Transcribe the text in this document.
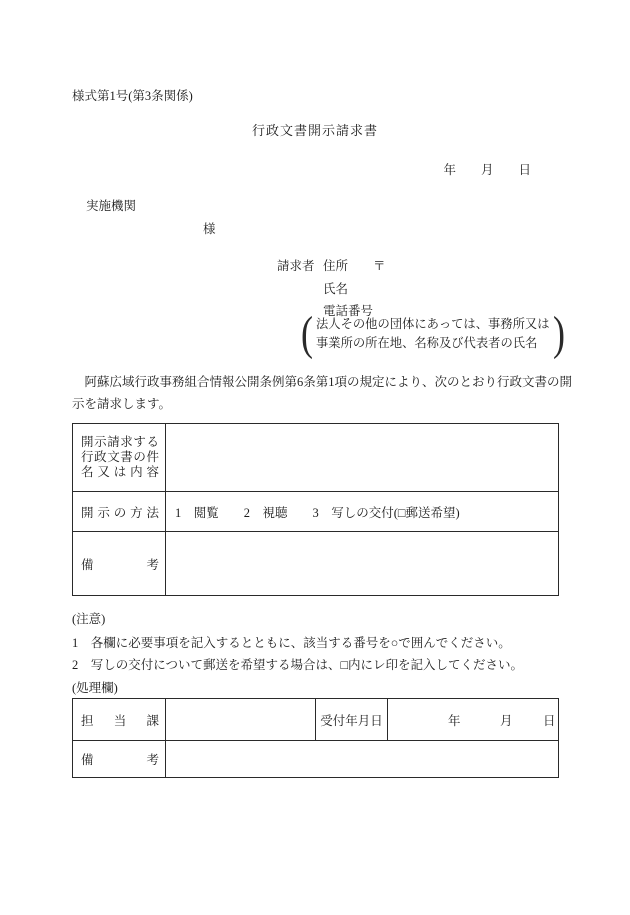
様式第1号(第3条関係)
行政文書開示請求書
年　　月　　日
実施機関
様
請求者 住所　　〒
氏名
電話番号
( 法人その他の団体にあっては、事務所又は
事業所の所在地、名称及び代表者の氏名 )
　阿蘇広域行政事務組合情報公開条例第6条第1項の規定により、次のとおり行政文書の開
示を請求します。
開示請求する
行政文書の件
名又は内容	

開示の方法	1　閲覧　　2　視聴　　3　写しの交付(□郵送希望)

備考	

(注意)
1　各欄に必要事項を記入するとともに、該当する番号を○で囲んでください。
2　写しの交付について郵送を希望する場合は、□内にレ印を記入してください。
(処理欄)
担当課		受付年月日	年 月 日

備考			
